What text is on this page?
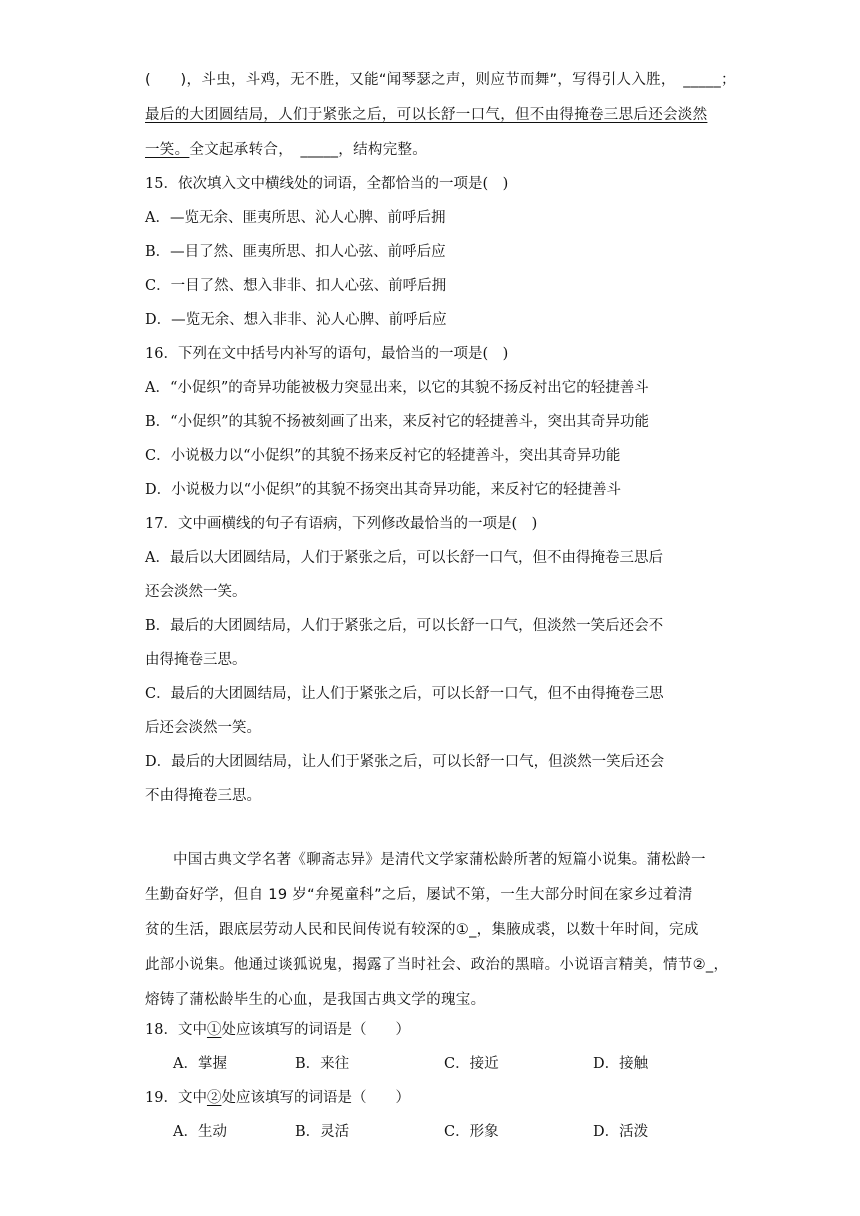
(　　)，斗虫，斗鸡，无不胜，又能“闻琴瑟之声，则应节而舞”，写得引人入胜，　_____；
最后的大团圆结局，人们于紧张之后，可以长舒一口气，但不由得掩卷三思后还会淡然
一笑。全文起承转合，　_____，结构完整。
15．依次填入文中横线处的词语，全都恰当的一项是(　)
A．—览无余、匪夷所思、沁人心脾、前呼后拥
B．—目了然、匪夷所思、扣人心弦、前呼后应
C．一目了然、想入非非、扣人心弦、前呼后拥
D．—览无余、想入非非、沁人心脾、前呼后应
16．下列在文中括号内补写的语句，最恰当的一项是(　)
A．“小促织”的奇异功能被极力突显出来，以它的其貌不扬反衬出它的轻捷善斗
B．“小促织”的其貌不扬被刻画了出来，来反衬它的轻捷善斗，突出其奇异功能
C．小说极力以“小促织”的其貌不扬来反衬它的轻捷善斗，突出其奇异功能
D．小说极力以“小促织”的其貌不扬突出其奇异功能，来反衬它的轻捷善斗
17．文中画横线的句子有语病，下列修改最恰当的一项是(　)
A．最后以大团圆结局，人们于紧张之后，可以长舒一口气，但不由得掩卷三思后
还会淡然一笑。
B．最后的大团圆结局，人们于紧张之后，可以长舒一口气，但淡然一笑后还会不
由得掩卷三思。
C．最后的大团圆结局，让人们于紧张之后，可以长舒一口气，但不由得掩卷三思
后还会淡然一笑。
D．最后的大团圆结局，让人们于紧张之后，可以长舒一口气，但淡然一笑后还会
不由得掩卷三思。
中国古典文学名著《聊斋志异》是清代文学家蒲松龄所著的短篇小说集。蒲松龄一
生勤奋好学，但自 19 岁“弁冕童科”之后，屡试不第，一生大部分时间在家乡过着清
贫的生活，跟底层劳动人民和民间传说有较深的①_，集腋成裘，以数十年时间，完成
此部小说集。他通过谈狐说鬼，揭露了当时社会、政治的黑暗。小说语言精美，情节②_，
熔铸了蒲松龄毕生的心血，是我国古典文学的瑰宝。
18．文中①处应该填写的词语是（　　）
A．掌握	B．来往	C．接近	D．接触
19．文中②处应该填写的词语是（　　）
A．生动	B．灵活	C．形象	D．活泼
